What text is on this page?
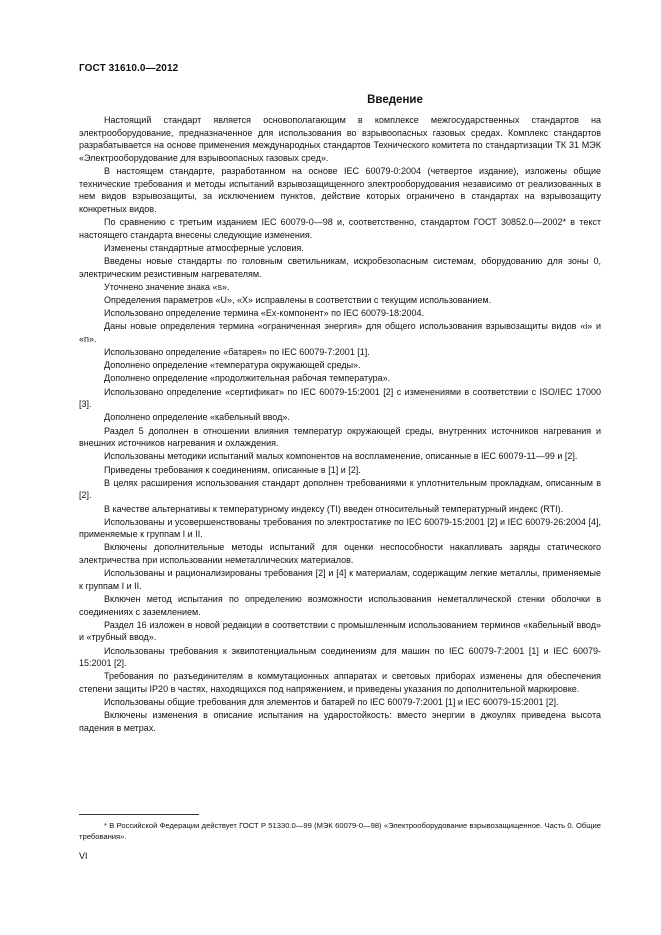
ГОСТ 31610.0—2012
Введение

Настоящий стандарт является основополагающим в комплексе межгосударственных стандартов на электрооборудование, предназначенное для использования во взрывоопасных газовых средах. Комплекс стандартов разрабатывается на основе применения международных стандартов Технического комитета по стандартизации ТК 31 МЭК «Электрооборудование для взрывоопасных газовых сред».

В настоящем стандарте, разработанном на основе IEC 60079-0:2004 (четвертое издание), изложены общие технические требования и методы испытаний взрывозащищенного электрооборудования независимо от реализованных в нем видов взрывозащиты, за исключением пунктов, действие которых ограничено в стандартах на взрывозащиту конкретных видов.

По сравнению с третьим изданием IEC 60079-0—98 и, соответственно, стандартом ГОСТ 30852.0—2002* в текст настоящего стандарта внесены следующие изменения.

Изменены стандартные атмосферные условия.

Введены новые стандарты по головным светильникам, искробезопасным системам, оборудованию для зоны 0, электрическим резистивным нагревателям.

Уточнено значение знака «s».

Определения параметров «U», «X» исправлены в соответствии с текущим использованием.

Использовано определение термина «Ех-компонент» по IEC 60079-18:2004.

Даны новые определения термина «ограниченная энергия» для общего использования взрывозащиты видов «i» и «n».

Использовано определение «батарея» по IEC 60079-7:2001 [1].

Дополнено определение «температура окружающей среды».

Дополнено определение «продолжительная рабочая температура».

Использовано определение «сертификат» по IEC 60079-15:2001 [2] с изменениями в соответствии с ISO/IEC 17000 [3].

Дополнено определение «кабельный ввод».

Раздел 5 дополнен в отношении влияния температур окружающей среды, внутренних источников нагревания и внешних источников нагревания и охлаждения.

Использованы методики испытаний малых компонентов на воспламенение, описанные в IEC 60079-11—99 и [2].

Приведены требования к соединениям, описанные в [1] и [2].

В целях расширения использования стандарт дополнен требованиями к уплотнительным прокладкам, описанным в [2].

В качестве альтернативы к температурному индексу (TI) введен относительный температурный индекс (RTI).

Использованы и усовершенствованы требования по электростатике по IEC 60079-15:2001 [2] и IEC 60079-26:2004 [4], применяемые к группам I и II.

Включены дополнительные методы испытаний для оценки неспособности накапливать заряды статического электричества при использовании неметаллических материалов.

Использованы и рационализированы требования [2] и [4] к материалам, содержащим легкие металлы, применяемые к группам I и II.

Включен метод испытания по определению возможности использования неметаллической стенки оболочки в соединениях с заземлением.

Раздел 16 изложен в новой редакции в соответствии с промышленным использованием терминов «кабельный ввод» и «трубный ввод».

Использованы требования к эквипотенциальным соединениям для машин по IEC 60079-7:2001 [1] и IEC 60079-15:2001 [2].

Требования по разъединителям в коммутационных аппаратах и световых приборах изменены для обеспечения степени защиты IP20 в частях, находящихся под напряжением, и приведены указания по дополнительной маркировке.

Использованы общие требования для элементов и батарей по IEC 60079-7:2001 [1] и IEC 60079-15:2001 [2].

Включены изменения в описание испытания на ударостойкость: вместо энергии в джоулях приведена высота падения в метрах.

* В Российской Федерации действует ГОСТ Р 51330.0—99 (МЭК 60079-0—98) «Электрооборудование взрывозащищенное. Часть 0. Общие требования».
VI
